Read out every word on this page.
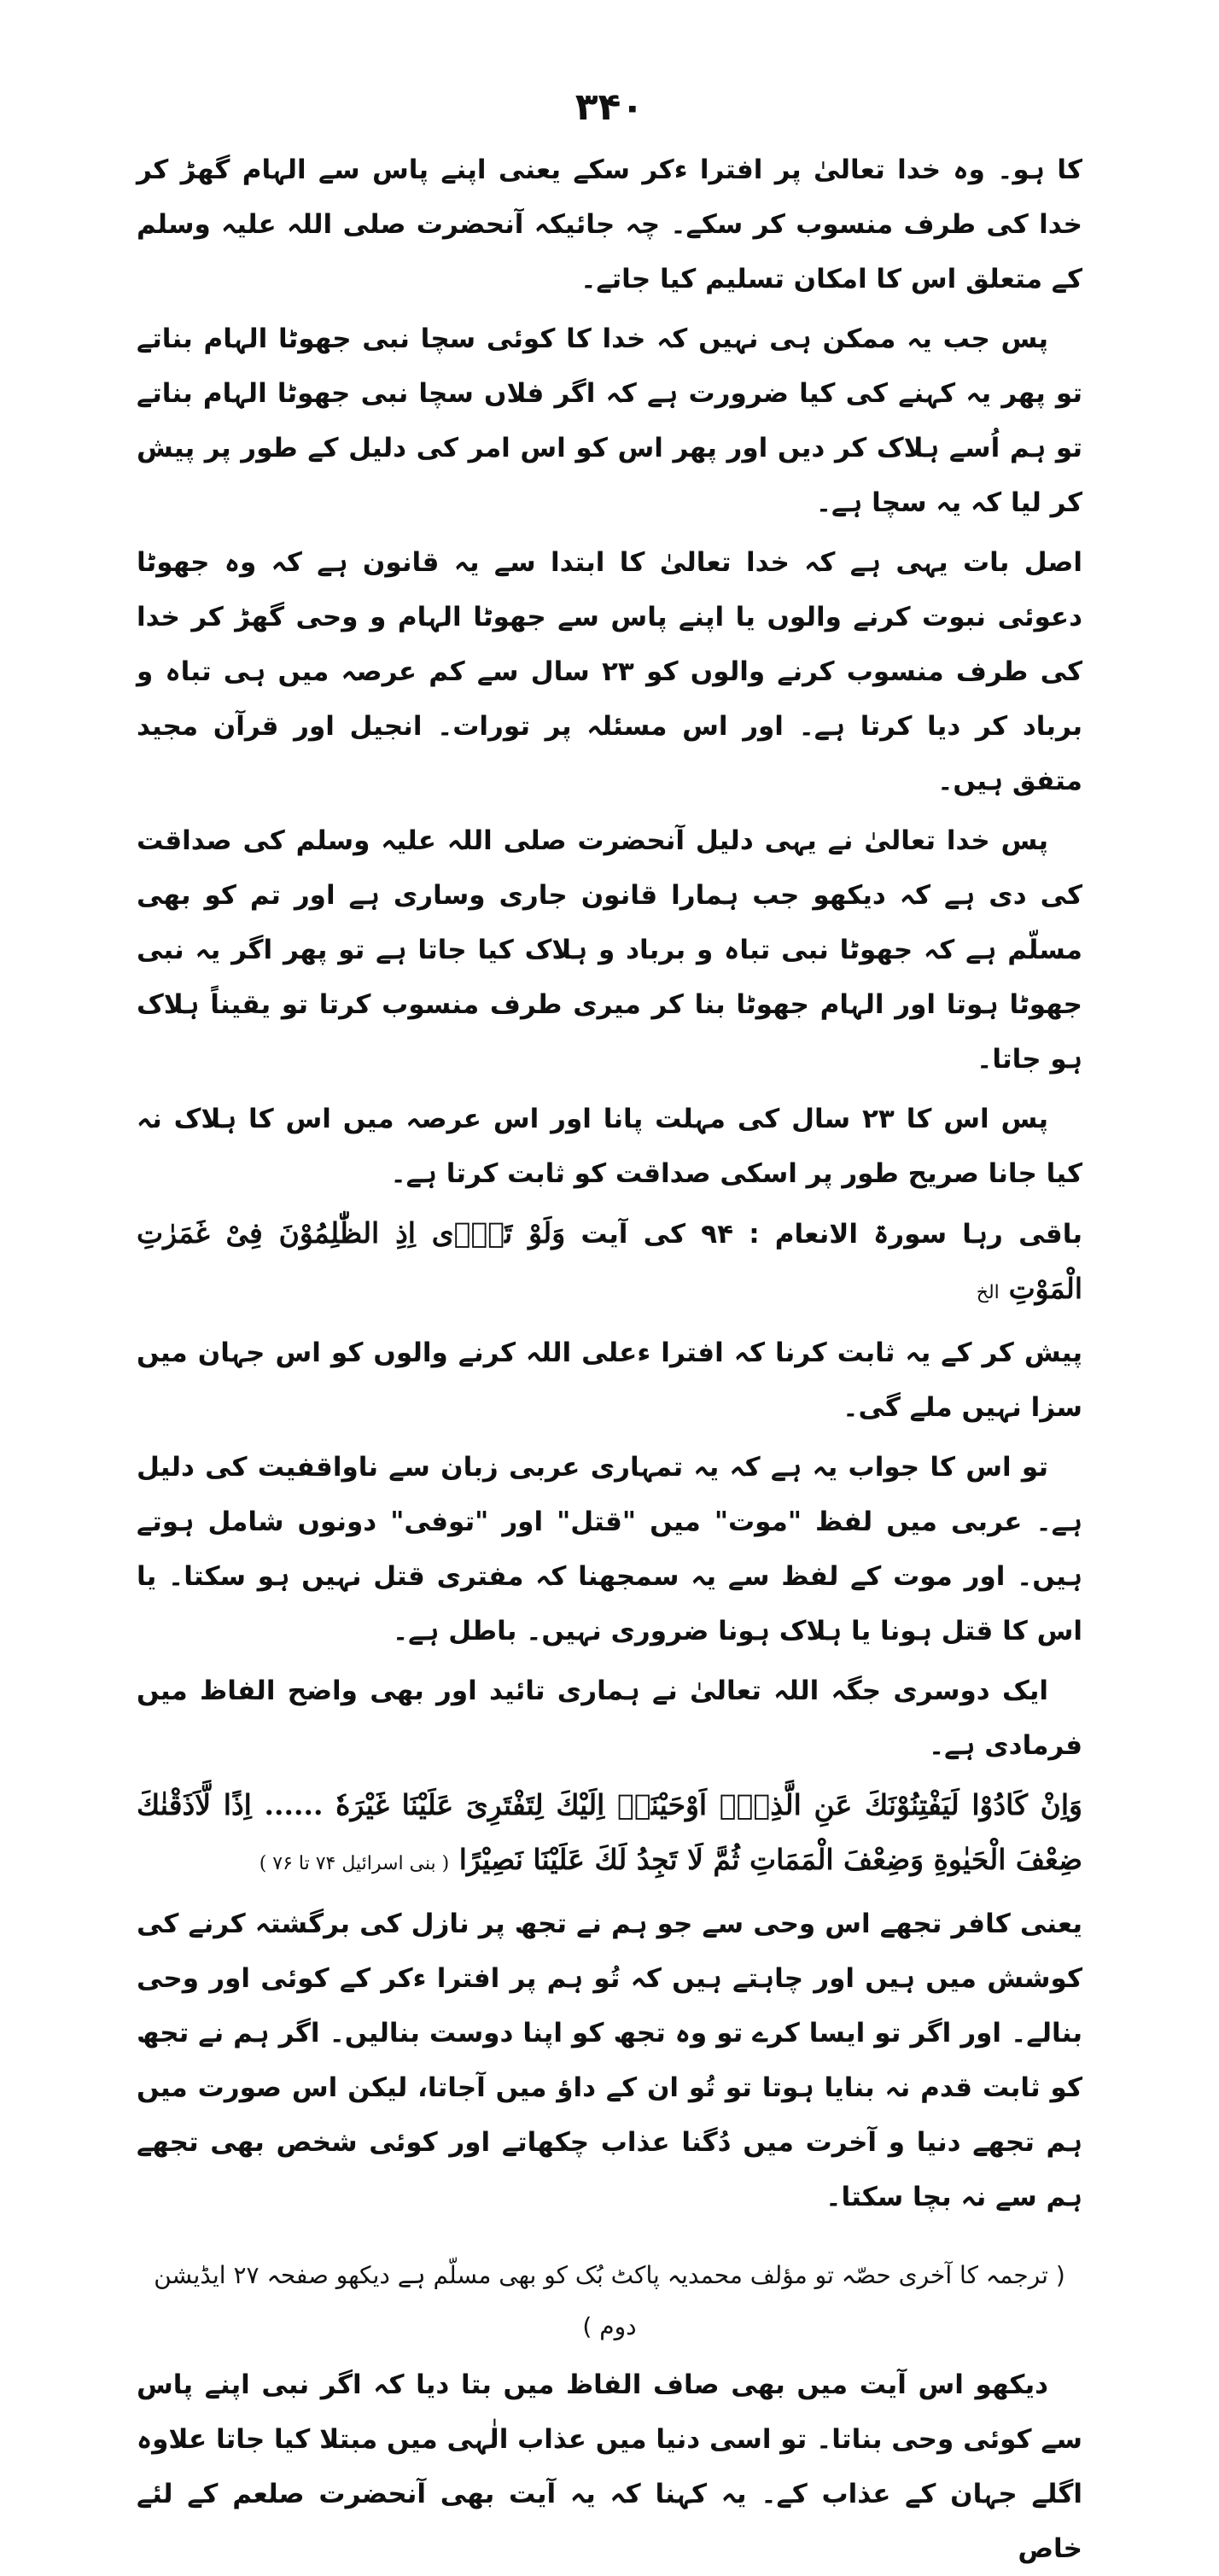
۳۴۰

کا ہو۔ وہ خدا تعالیٰ پر افترا ءکر سکے یعنی اپنے پاس سے الہام گھڑ کر خدا کی طرف منسوب کر سکے۔ چہ جائیکہ آنحضرت صلی اللہ علیہ وسلم کے متعلق اس کا امکان تسلیم کیا جاتے۔

پس جب یہ ممکن ہی نہیں کہ خدا کا کوئی سچا نبی جھوٹا الہام بناتے تو پھر یہ کہنے کی کیا ضرورت ہے کہ اگر فلاں سچا نبی جھوٹا الہام بناتے تو ہم اُسے ہلاک کر دیں اور پھر اس کو اس امر کی دلیل کے طور پر پیش کر لیا کہ یہ سچا ہے۔

اصل بات یہی ہے کہ خدا تعالیٰ کا ابتدا سے یہ قانون ہے کہ وہ جھوٹا دعوئی نبوت کرنے والوں یا اپنے پاس سے جھوٹا الہام و وحی گھڑ کر خدا کی طرف منسوب کرنے والوں کو ۲۳ سال سے کم عرصہ میں ہی تباہ و برباد کر دیا کرتا ہے۔ اور اس مسئلہ پر تورات۔ انجیل اور قرآن مجید متفق ہیں۔

پس خدا تعالیٰ نے یہی دلیل آنحضرت صلی اللہ علیہ وسلم کی صداقت کی دی ہے کہ دیکھو جب ہمارا قانون جاری وساری ہے اور تم کو بھی مسلّم ہے کہ جھوٹا نبی تباہ و برباد و ہلاک کیا جاتا ہے تو پھر اگر یہ نبی جھوٹا ہوتا اور الہام جھوٹا بنا کر میری طرف منسوب کرتا تو یقیناً ہلاک ہو جاتا۔

پس اس کا ۲۳ سال کی مہلت پانا اور اس عرصہ میں اس کا ہلاک نہ کیا جانا صریح طور پر اسکی صداقت کو ثابت کرتا ہے۔

باقی رہا سورۃ الانعام : ۹۴ کی آیت وَلَوْ تَرٰۤى اِذِ الظّٰلِمُوْنَ فِیْ غَمَرٰتِ الْمَوْتِ الخ

پیش کر کے یہ ثابت کرنا کہ افترا ءعلی اللہ کرنے والوں کو اس جہان میں سزا نہیں ملے گی۔

تو اس کا جواب یہ ہے کہ یہ تمہاری عربی زبان سے ناواقفیت کی دلیل ہے۔ عربی میں لفظ "موت" میں "قتل" اور "توفی" دونوں شامل ہوتے ہیں۔ اور موت کے لفظ سے یہ سمجھنا کہ مفتری قتل نہیں ہو سکتا۔ یا اس کا قتل ہونا یا ہلاک ہونا ضروری نہیں۔ باطل ہے۔

ایک دوسری جگہ اللہ تعالیٰ نے ہماری تائید اور بھی واضح الفاظ میں فرمادی ہے۔

وَاِنْ كَادُوْا لَيَفْتِنُوْنَكَ عَنِ الَّذِیْۤ اَوْحَیْنَاۤ اِلَیْكَ لِتَفْتَرِیَ عَلَیْنَا غَیْرَهٗ ...... اِذًا لَّاَذَقْنٰكَ ضِعْفَ الْحَیٰوةِ وَضِعْفَ الْمَمَاتِ ثُمَّ لَا تَجِدُ لَكَ عَلَیْنَا نَصِیْرًا ( بنی اسرائیل ۷۴ تا ۷۶ )

یعنی کافر تجھے اس وحی سے جو ہم نے تجھ پر نازل کی برگشتہ کرنے کی کوشش میں ہیں اور چاہتے ہیں کہ تُو ہم پر افترا ءکر کے کوئی اور وحی بنالے۔ اور اگر تو ایسا کرے تو وہ تجھ کو اپنا دوست بنالیں۔ اگر ہم نے تجھ کو ثابت قدم نہ بنایا ہوتا تو تُو ان کے داؤ میں آجاتا، لیکن اس صورت میں ہم تجھے دنیا و آخرت میں دُگنا عذاب چکھاتے اور کوئی شخص بھی تجھے ہم سے نہ بچا سکتا۔

( ترجمہ کا آخری حصّہ تو مؤلف محمدیہ پاکٹ بُک کو بھی مسلّم ہے دیکھو صفحہ ۲۷ ایڈیشن دوم )

دیکھو اس آیت میں بھی صاف الفاظ میں بتا دیا کہ اگر نبی اپنے پاس سے کوئی وحی بناتا۔ تو اسی دنیا میں عذاب الٰہی میں مبتلا کیا جاتا علاوہ اگلے جہان کے عذاب کے۔ یہ کہنا کہ یہ آیت بھی آنحضرت صلعم کے لئے خاص
